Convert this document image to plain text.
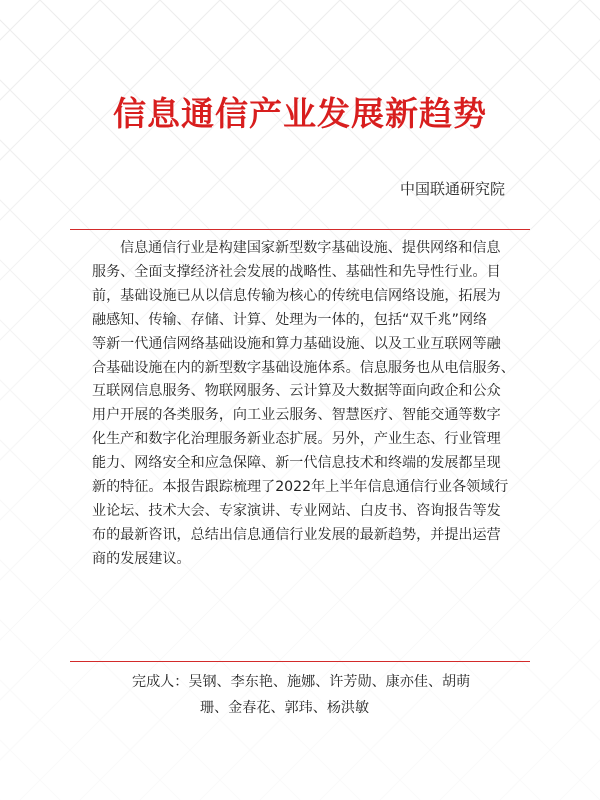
信息通信产业发展新趋势
中国联通研究院
信息通信行业是构建国家新型数字基础设施、提供网络和信息
服务、全面支撑经济社会发展的战略性、基础性和先导性行业。目
前，基础设施已从以信息传输为核心的传统电信网络设施，拓展为
融感知、传输、存储、计算、处理为一体的，包括“双千兆”网络
等新一代通信网络基础设施和算力基础设施、以及工业互联网等融
合基础设施在内的新型数字基础设施体系。信息服务也从电信服务、
互联网信息服务、物联网服务、云计算及大数据等面向政企和公众
用户开展的各类服务，向工业云服务、智慧医疗、智能交通等数字
化生产和数字化治理服务新业态扩展。另外，产业生态、行业管理
能力、网络安全和应急保障、新一代信息技术和终端的发展都呈现
新的特征。本报告跟踪梳理了2022年上半年信息通信行业各领域行
业论坛、技术大会、专家演讲、专业网站、白皮书、咨询报告等发
布的最新咨讯，总结出信息通信行业发展的最新趋势，并提出运营
商的发展建议。
完成人：吴钢、李东艳、施娜、许芳勋、康亦佳、胡萌
珊、金春花、郭玮、杨洪敏
